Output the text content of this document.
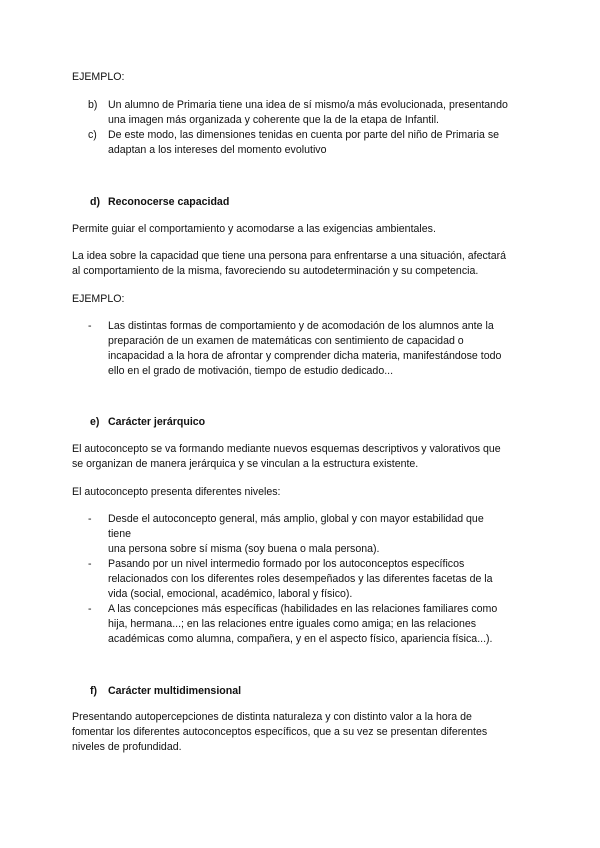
EJEMPLO:

b) Un alumno de Primaria tiene una idea de sí mismo/a más evolucionada, presentando
una imagen más organizada y coherente que la de la etapa de Infantil.
c)	De este modo, las dimensiones tenidas en cuenta por parte del niño de Primaria se
adaptan a los intereses del momento evolutivo
d) Reconocerse capacidad

Permite guiar el comportamiento y acomodarse a las exigencias ambientales.

La idea sobre la capacidad que tiene una persona para enfrentarse a una situación, afectará
al comportamiento de la misma, favoreciendo su autodeterminación y su competencia.

EJEMPLO:

-	Las distintas formas de comportamiento y de acomodación de los alumnos ante la
preparación de un examen de matemáticas con sentimiento de capacidad o
incapacidad a la hora de afrontar y comprender dicha materia, manifestándose todo
ello en el grado de motivación, tiempo de estudio dedicado...
e) Carácter jerárquico
El autoconcepto se va formando mediante nuevos esquemas descriptivos y valorativos que
se organizan de manera jerárquica y se vinculan a la estructura existente.

El autoconcepto presenta diferentes niveles:

-	Desde el autoconcepto general, más amplio, global y con mayor estabilidad que
tiene
una persona sobre sí misma (soy buena o mala persona).
-	Pasando por un nivel intermedio formado por los autoconceptos específicos
relacionados con los diferentes roles desempeñados y las diferentes facetas de la
vida (social, emocional, académico, laboral y físico).
-	A las concepciones más específicas (habilidades en las relaciones familiares como
hija, hermana...; en las relaciones entre iguales como amiga; en las relaciones
académicas como alumna, compañera, y en el aspecto físico, apariencia física...).
f) Carácter multidimensional
Presentando autopercepciones de distinta naturaleza y con distinto valor a la hora de
fomentar los diferentes autoconceptos específicos, que a su vez se presentan diferentes
niveles de profundidad.
